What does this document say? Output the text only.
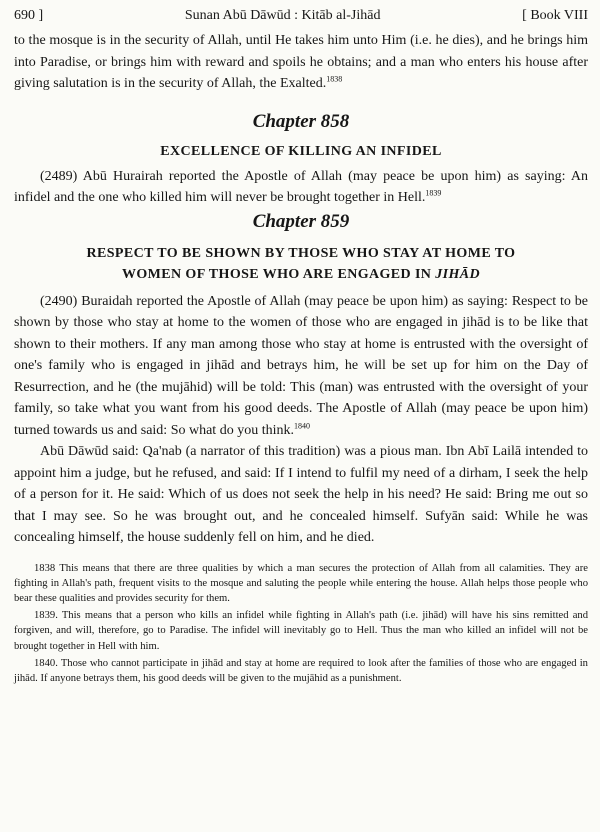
690 ]	Sunan Abū Dāwūd : Kitāb al-Jihād	[ Book VIII

to the mosque is in the security of Allah, until He takes him unto Him (i.e. he dies), and he brings him into Paradise, or brings him with reward and spoils he obtains; and a man who enters his house after giving salutation is in the security of Allah, the Exalted.$^{1838}$

Chapter 858
EXCELLENCE OF KILLING AN INFIDEL

(2489) Abū Hurairah reported the Apostle of Allah (may peace be upon him) as saying: An infidel and the one who killed him will never be brought together in Hell.$^{1839}$

Chapter 859
RESPECT TO BE SHOWN BY THOSE WHO STAY AT HOME TO
WOMEN OF THOSE WHO ARE ENGAGED IN JIHĀD

(2490) Buraidah reported the Apostle of Allah (may peace be upon him) as saying: Respect to be shown by those who stay at home to the women of those who are engaged in jihād is to be like that shown to their mothers. If any man among those who stay at home is entrusted with the oversight of one's family who is engaged in jihād and betrays him, he will be set up for him on the Day of Resurrection, and he (the mujāhid) will be told: This (man) was entrusted with the oversight of your family, so take what you want from his good deeds. The Apostle of Allah (may peace be upon him) turned towards us and said: So what do you think.$^{1840}$

Abū Dāwūd said: Qa'nab (a narrator of this tradition) was a pious man. Ibn Abī Lailā intended to appoint him a judge, but he refused, and said: If I intend to fulfil my need of a dirham, I seek the help of a person for it. He said: Which of us does not seek the help in his need? He said: Bring me out so that I may see. So he was brought out, and he concealed himself. Sufyān said: While he was concealing himself, the house suddenly fell on him, and he died.

1838 This means that there are three qualities by which a man secures the protection of Allah from all calamities. They are fighting in Allah's path, frequent visits to the mosque and saluting the people while entering the house. Allah helps those people who bear these qualities and provides security for them.

1839. This means that a person who kills an infidel while fighting in Allah's path (i.e. jihād) will have his sins remitted and forgiven, and will, therefore, go to Paradise. The infidel will inevitably go to Hell. Thus the man who killed an infidel will not be brought together in Hell with him.

1840. Those who cannot participate in jihād and stay at home are required to look after the families of those who are engaged in jihād. If anyone betrays them, his good deeds will be given to the mujāhid as a punishment.
